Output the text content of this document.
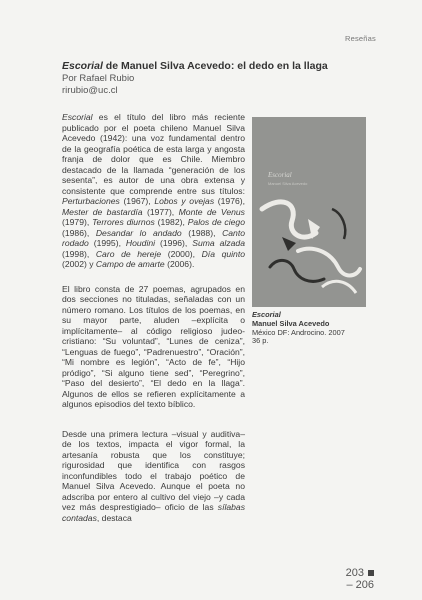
Reseñas
Escorial de Manuel Silva Acevedo: el dedo en la llaga
Por Rafael Rubio
rirubio@uc.cl

Escorial es el título del libro más reciente publicado por el poeta chileno Manuel Silva Acevedo (1942): una voz fundamental dentro de la geografía poética de esta larga y angosta franja de dolor que es Chile. Miembro destacado de la llamada “generación de los sesenta”, es autor de una obra extensa y consistente que comprende entre sus títulos: Perturbaciones (1967), Lobos y ovejas (1976), Mester de bastardía (1977), Monte de Venus (1979), Terrores diurnos (1982), Palos de ciego (1986), Desandar lo andado (1988), Canto rodado (1995), Houdini (1996), Suma alzada (1998), Caro de hereje (2000), Día quinto (2002) y Campo de amarte (2006).

El libro consta de 27 poemas, agrupados en dos secciones no tituladas, señaladas con un número romano. Los títulos de los poemas, en su mayor parte, aluden –explícita o implícitamente– al código religioso judeo-cristiano: “Su voluntad”, “Lunes de ceniza”, “Lenguas de fuego”, “Padrenuestro”, “Oración”, “Mi nombre es legión”, “Acto de fe”, “Hijo pródigo”, “Si alguno tiene sed”, “Peregrino”, “Paso del desierto”, “El dedo en la llaga”. Algunos de ellos se refieren explícitamente a algunos episodios del texto bíblico.

Desde una primera lectura –visual y auditiva– de los textos, impacta el vigor formal, la artesanía robusta que los constituye; rigurosidad que identifica con rasgos inconfundibles todo el trabajo poético de Manuel Silva Acevedo. Aunque el poeta no adscriba por entero al cultivo del viejo –y cada vez más desprestigiado– oficio de las sílabas contadas, destaca

Escorial
Manuel Silva Acevedo
Escorial
Manuel Silva Acevedo
México DF: Androcino. 2007
36 p.
203
– 206
